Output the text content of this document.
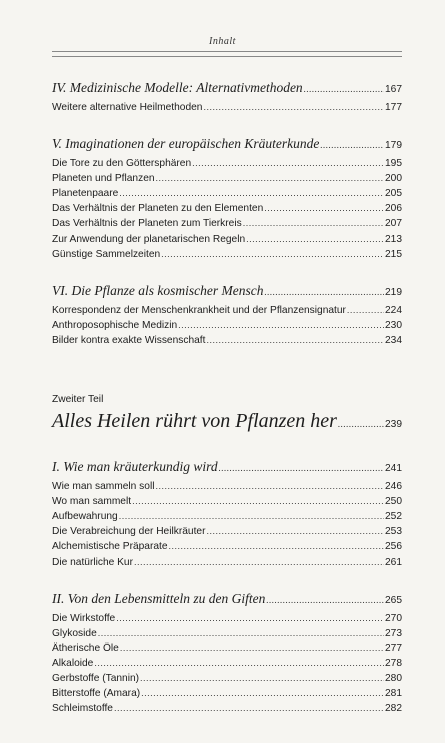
Inhalt
IV. Medizinische Modelle: Alternativmethoden .....	167
Weitere alternative Heilmethoden .....	177
V. Imaginationen der europäischen Kräuterkunde .....	179
Die Tore zu den Göttersphären .....	195
Planeten und Pflanzen .....	200
Planetenpaare .....	205
Das Verhältnis der Planeten zu den Elementen .....	206
Das Verhältnis der Planeten zum Tierkreis .....	207
Zur Anwendung der planetarischen Regeln .....	213
Günstige Sammelzeiten .....	215
VI. Die Pflanze als kosmischer Mensch .....	219
Korrespondenz der Menschenkrankheit und der Pflanzensignatur .....	224
Anthroposophische Medizin .....	230
Bilder kontra exakte Wissenschaft .....	234
Zweiter Teil
Alles Heilen rührt von Pflanzen her .....	239
I. Wie man kräuterkundig wird .....	241
Wie man sammeln soll .....	246
Wo man sammelt .....	250
Aufbewahrung .....	252
Die Verabreichung der Heilkräuter .....	253
Alchemistische Präparate .....	256
Die natürliche Kur .....	261
II. Von den Lebensmitteln zu den Giften .....	265
Die Wirkstoffe .....	270
Glykoside .....	273
Ätherische Öle .....	277
Alkaloide .....	278
Gerbstoffe (Tannin) .....	280
Bitterstoffe (Amara) .....	281
Schleimstoffe .....	282
